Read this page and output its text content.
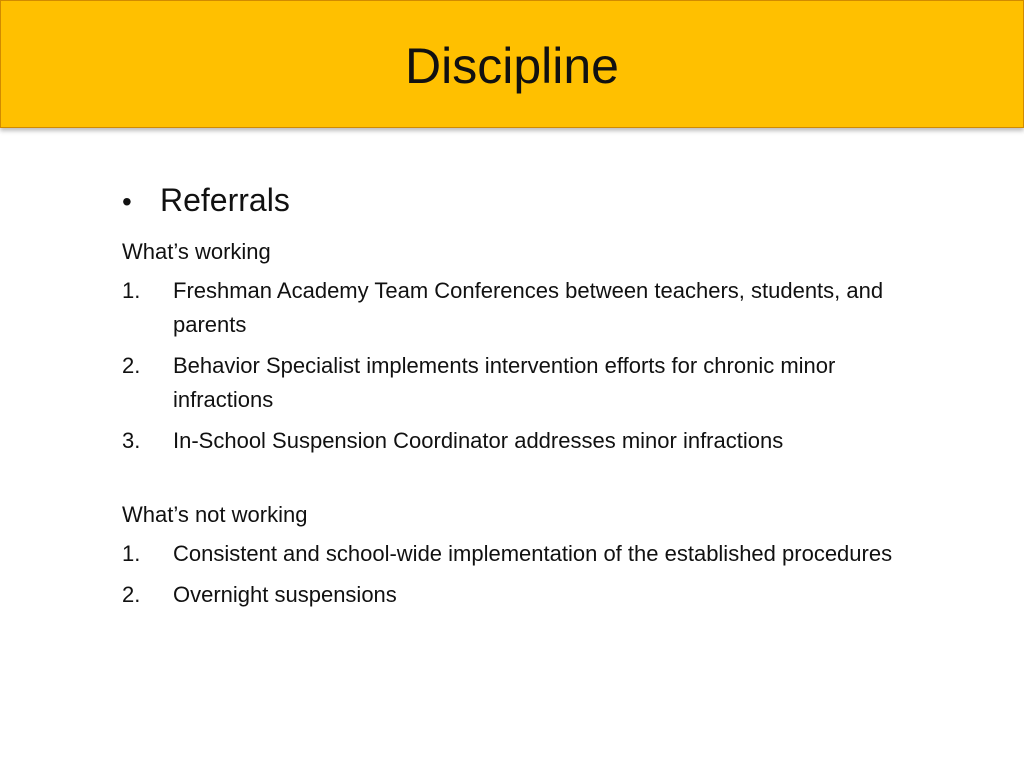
Discipline
• Referrals
What’s working
1.	Freshman Academy Team Conferences between teachers, students, and parents
2.	Behavior Specialist implements intervention efforts for chronic minor infractions
3.	In-School Suspension Coordinator addresses minor infractions
What’s not working
1.	Consistent and school-wide implementation of the established procedures
2.	Overnight suspensions
